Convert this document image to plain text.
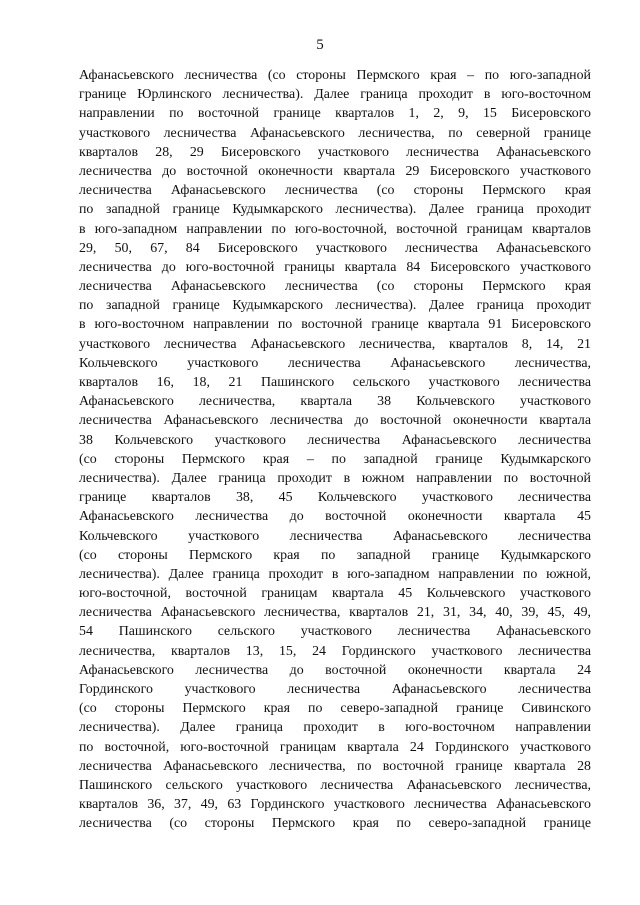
5
Афанасьевского лесничества (со стороны Пермского края – по юго-западной
границе Юрлинского лесничества). Далее граница проходит в юго-восточном
направлении по восточной границе кварталов 1, 2, 9, 15 Бисеровского
участкового лесничества Афанасьевского лесничества, по северной границе
кварталов 28, 29 Бисеровского участкового лесничества Афанасьевского
лесничества до восточной оконечности квартала 29 Бисеровского участкового
лесничества Афанасьевского лесничества (со стороны Пермского края
по западной границе Кудымкарского лесничества). Далее граница проходит
в юго-западном направлении по юго-восточной, восточной границам кварталов
29, 50, 67, 84 Бисеровского участкового лесничества Афанасьевского
лесничества до юго-восточной границы квартала 84 Бисеровского участкового
лесничества Афанасьевского лесничества (со стороны Пермского края
по западной границе Кудымкарского лесничества). Далее граница проходит
в юго-восточном направлении по восточной границе квартала 91 Бисеровского
участкового лесничества Афанасьевского лесничества, кварталов 8, 14, 21
Кольчевского участкового лесничества Афанасьевского лесничества,
кварталов 16, 18, 21 Пашинского сельского участкового лесничества
Афанасьевского лесничества, квартала 38 Кольчевского участкового
лесничества Афанасьевского лесничества до восточной оконечности квартала
38 Кольчевского участкового лесничества Афанасьевского лесничества
(со стороны Пермского края – по западной границе Кудымкарского
лесничества). Далее граница проходит в южном направлении по восточной
границе кварталов 38, 45 Кольчевского участкового лесничества
Афанасьевского лесничества до восточной оконечности квартала 45
Кольчевского участкового лесничества Афанасьевского лесничества
(со стороны Пермского края по западной границе Кудымкарского
лесничества). Далее граница проходит в юго-западном направлении по южной,
юго-восточной, восточной границам квартала 45 Кольчевского участкового
лесничества Афанасьевского лесничества, кварталов 21, 31, 34, 40, 39, 45, 49,
54 Пашинского сельского участкового лесничества Афанасьевского
лесничества, кварталов 13, 15, 24 Гординского участкового лесничества
Афанасьевского лесничества до восточной оконечности квартала 24
Гординского участкового лесничества Афанасьевского лесничества
(со стороны Пермского края по северо-западной границе Сивинского
лесничества). Далее граница проходит в юго-восточном направлении
по восточной, юго-восточной границам квартала 24 Гординского участкового
лесничества Афанасьевского лесничества, по восточной границе квартала 28
Пашинского сельского участкового лесничества Афанасьевского лесничества,
кварталов 36, 37, 49, 63 Гординского участкового лесничества Афанасьевского
лесничества (со стороны Пермского края по северо-западной границе
